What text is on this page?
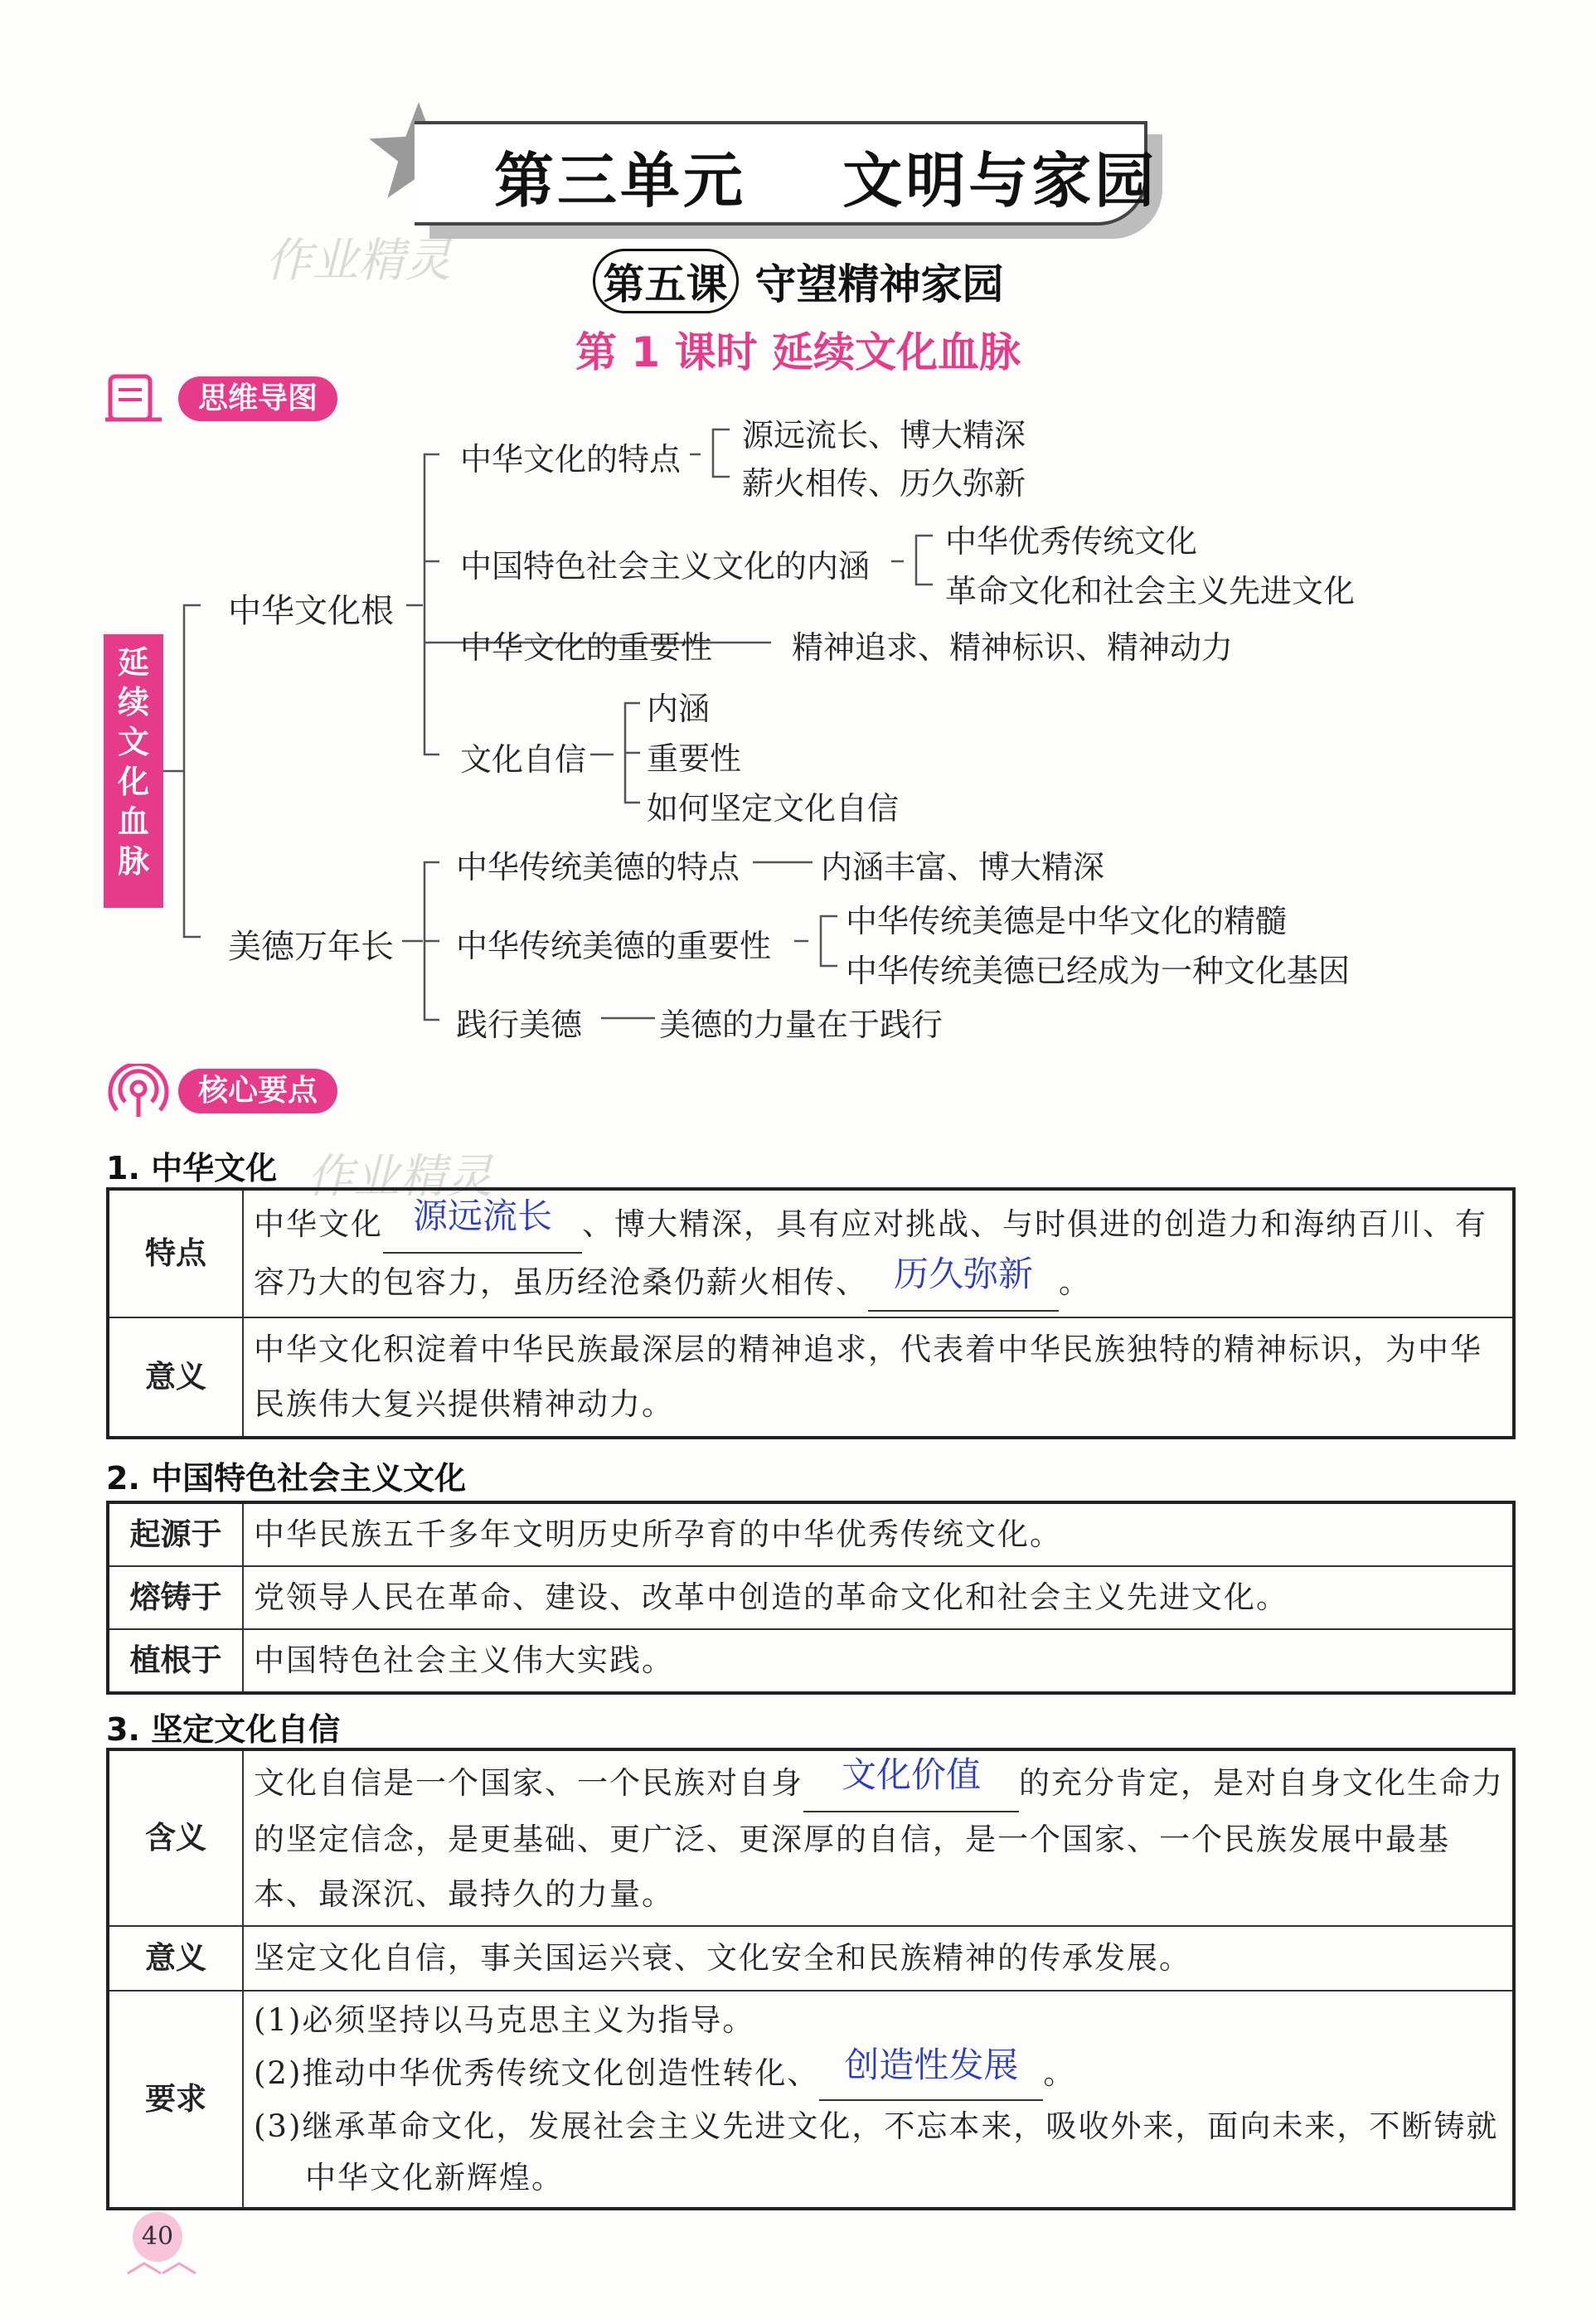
第三单元    文明与家园
第五课 守望精神家园
第 1 课时 延续文化血脉
作业精灵
作业精灵
思维导图
延
续
文
化
血
脉
中华文化根
中华文化的特点
源远流长、博大精深
薪火相传、历久弥新
中国特色社会主义文化的内涵
中华优秀传统文化
革命文化和社会主义先进文化
中华文化的重要性	精神追求、精神标识、精神动力
文化自信
内涵
重要性
如何坚定文化自信
美德万年长
中华传统美德的特点	内涵丰富、博大精深
中华传统美德的重要性
中华传统美德是中华文化的精髓
中华传统美德已经成为一种文化基因
践行美德 美德的力量在于践行
核心要点
1. 中华文化
特点	中华文化 源远流长 、博大精深，具有应对挑战、与时俱进的创造力和海纳百川、有容乃大的包容力，虽历经沧桑仍薪火相传、 历久弥新 。
意义	中华文化积淀着中华民族最深层的精神追求，代表着中华民族独特的精神标识，为中华民族伟大复兴提供精神动力。
2. 中国特色社会主义文化
起源于	中华民族五千多年文明历史所孕育的中华优秀传统文化。
熔铸于	党领导人民在革命、建设、改革中创造的革命文化和社会主义先进文化。
植根于	中国特色社会主义伟大实践。
3. 坚定文化自信
含义	文化自信是一个国家、一个民族对自身 文化价值 的充分肯定，是对自身文化生命力的坚定信念，是更基础、更广泛、更深厚的自信，是一个国家、一个民族发展中最基本、最深沉、最持久的力量。
意义	坚定文化自信，事关国运兴衰、文化安全和民族精神的传承发展。
要求	(1)必须坚持以马克思主义为指导。
(2)推动中华优秀传统文化创造性转化、 创造性发展 。
(3)继承革命文化，发展社会主义先进文化，不忘本来，吸收外来，面向未来，不断铸就中华文化新辉煌。
40
